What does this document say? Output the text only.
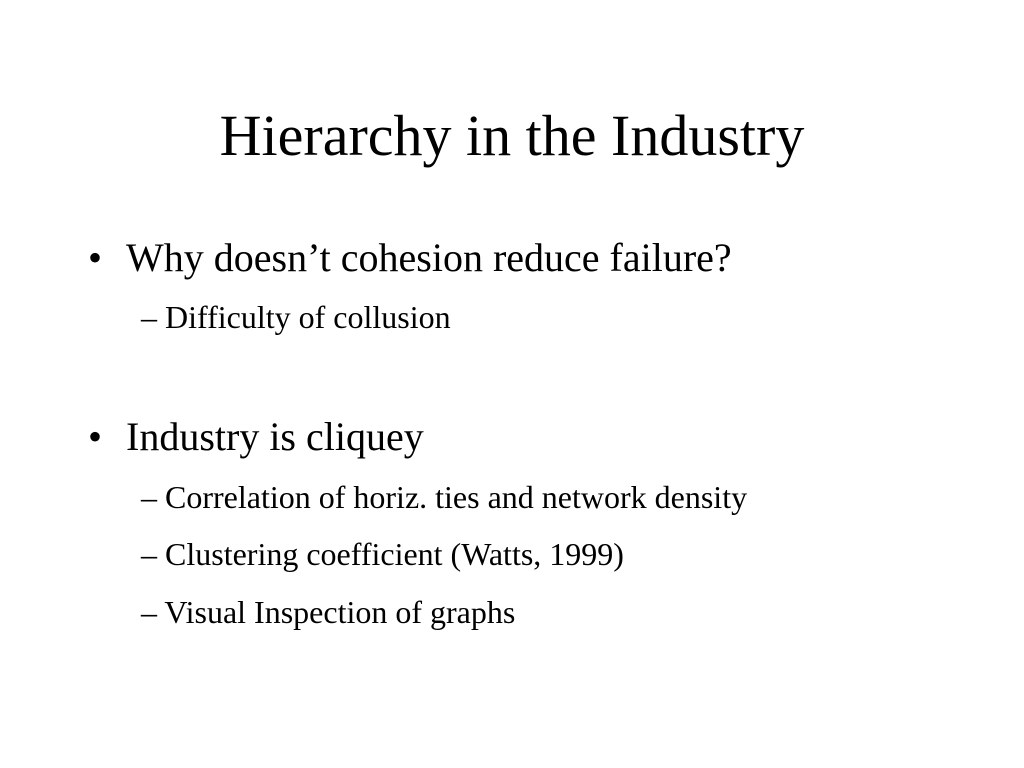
Hierarchy in the Industry
• Why doesn’t cohesion reduce failure?
– Difficulty of collusion
• Industry is cliquey
– Correlation of horiz. ties and network density
– Clustering coefficient (Watts, 1999)
– Visual Inspection of graphs
